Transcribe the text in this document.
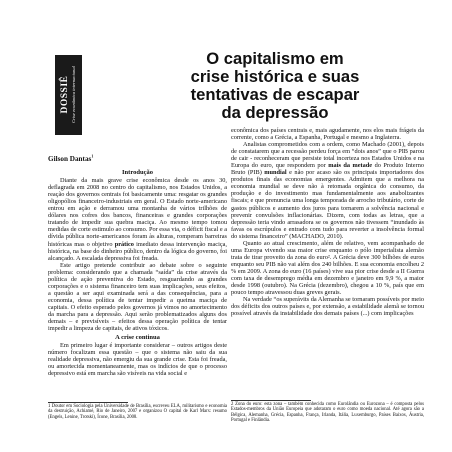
DOSSIÊ Crise econômica internacional
O capitalismo em
crise histórica e suas
tentativas de escapar
da depressão
Gilson Dantas$^1$
Introdução

Diante da mais grave crise econômica desde os anos 30, deflagrada em 2008 no centro do capitalismo, nos Estados Unidos, a reação dos governos centrais foi basicamente uma: resgatar os grandes oligopólios financeiro-industriais em geral. O Estado norte-americano entrou em ação e derramou uma montanha de vários trilhões de dólares nos cofres dos bancos, financeiras e grandes corporações tratando de impedir sua quebra maciça. Ao mesmo tempo tomou medidas de corte estimulo ao consumo. Por essa via, o déficit fiscal e a dívida pública norte-americanos foram às alturas, romperam barreiras históricas mas o objetivo prático imediato dessa intervenção maciça, histórica, na base do dinheiro público, dentro da lógica do governo, foi alcançado. A escalada depressiva foi freada.

Este artigo pretende contribuir ao debate sobre o seguinte problema: considerando que a chamada “saída” da crise através da política de ação preventiva do Estado, resguardando as grandes corporações e o sistema financeiro tem suas implicações, seus efeitos, a questão a ser aqui examinada será a das consequências, para a economia, dessa política de tentar impedir a queima maciça de capitais. O efeito esperado pelos governos já vimos no amortecimento da marcha para a depressão. Aqui serão problematizados alguns dos demais – e previsíveis – efeitos dessa operação política de tentar impedir a limpeza de capitais, de ativos tóxicos.

A crise continua

Em primeiro lugar é importante considerar – outros artigos deste número focalizam essa questão – que o sistema não saiu da sua realidade depressiva, não emergiu da sua grande crise. Esta foi freada, ou amortecida momentaneamente, mas os indícios de que o processo depressivo está em marcha são visíveis na vida social e

econômica dos países centrais e, mais agudamente, nos elos mais frágeis da corrente, como a Grécia, a Espanha, Portugal e mesmo a Inglaterra.

Analistas comprometidos com a ordem, como Machado (2001), depois de constatarem que a recessão perdeu força em “dois anos” que o PIB parou de cair - reconheceram que persiste total incerteza nos Estados Unidos e na Europa do euro, que respondem por mais da metade do Produto Interno Bruto (PIB) mundial e não por acaso são os principais importadores dos produtos finais das economias emergentes. Admitem que a melhora na economia mundial se deve não à retomada orgânica do consumo, da produção e do investimento mas fundamentalmente aos anabolizantes fiscais; e que prenuncia uma longa temporada de arrocho tributário, corte de gastos públicos e aumento dos juros para tornarem a solvência nacional e prevenir convulsões inflacionárias. Dizem, com todas as letras, que a depressão teria vindo arrasadora se os governos não tivessem “inundado às favas os escrúpulos e entrado com tudo para reverter a insolvência formal do sistema financeiro” (MACHADO, 2010).

Quanto ao atual crescimento, além de relativo, vem acompanhado de uma Europa vivendo sua maior crise enquanto o pólo imperialista alemão trata de tirar proveito da zona do euro². A Grécia deve 300 bilhões de euros enquanto seu PIB não vai além dos 240 bilhões. E sua economia encolheu 2 % em 2009. A zona do euro (16 países) vive sua pior crise desde a II Guerra com taxa de desemprego média em dezembro e janeiro em 9,9 %, a maior desde 1998 (outubro). Na Grécia (dezembro), chegou a 10 %, país que em pouco tempo atravessou duas greves gerais.

Na verdade “os superávits da Alemanha se tornaram possíveis por meio dos déficits dos outros países e, por extensão, a estabilidade alemã se tornou possível através da instabilidade dos demais países (...) com implicações

1 Doutor em Sociologia pela Universidade de Brasília, escreveu ELA, militarismo e economia da destruição, Achiamé, Rio de Janeiro, 2007 e organizou O capital de Karl Marx: resumo (Engels, Lenine, Trotski), Ícone, Brasília, 2008.
2 Zona do euro: esta zona – também conhecida como Eurolândia ou Eurozona – é composta pelos Estados-membros da União Europeia que adotaram o euro como moeda nacional. Até agora são a Bélgica, Alemanha, Grécia, Espanha, França, Irlanda, Itália, Luxemburgo, Países Baixos, Áustria, Portugal e Finlândia.
